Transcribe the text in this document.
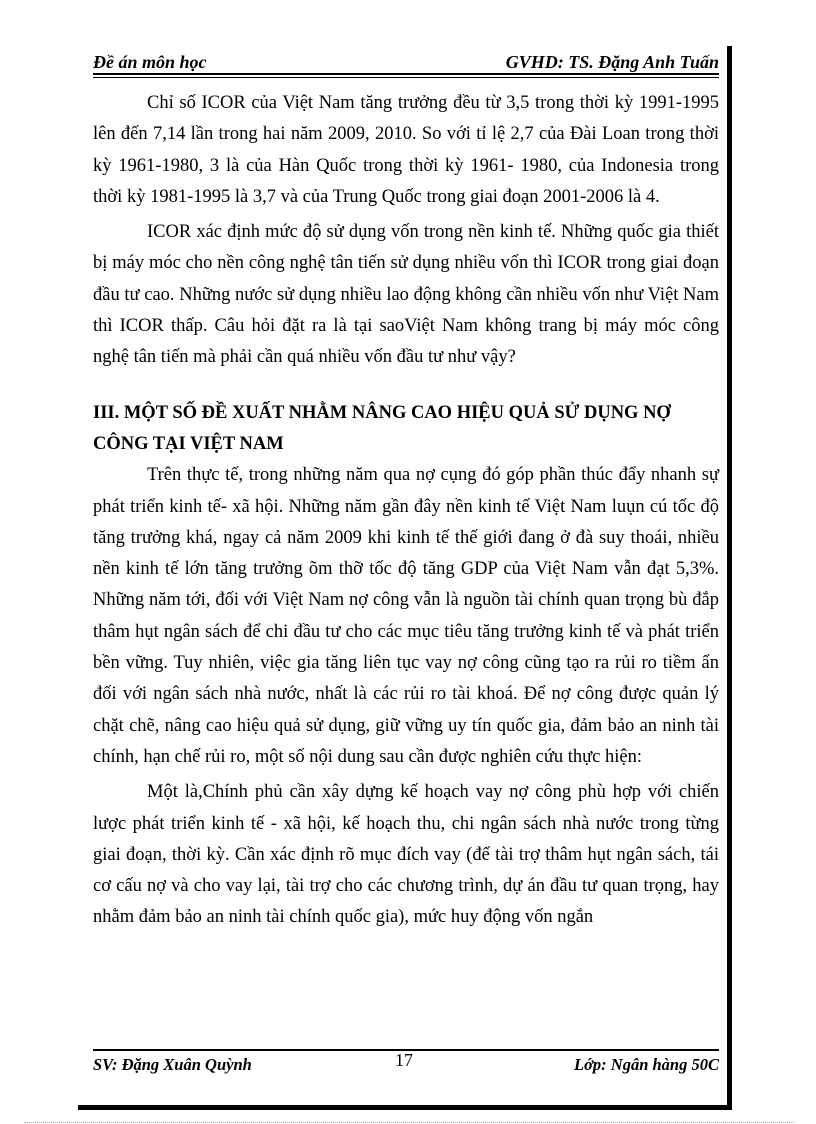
Đề án môn học	GVHD: TS. Đặng Anh Tuấn

Chỉ số ICOR của Việt Nam tăng trưởng đều từ 3,5 trong thời kỳ 1991-1995 lên đến 7,14 lần trong hai năm 2009, 2010. So với tỉ lệ 2,7 của Đài Loan trong thời kỳ 1961-1980, 3 là của Hàn Quốc trong thời kỳ 1961- 1980, của Indonesia trong thời kỳ 1981-1995 là 3,7 và của Trung Quốc trong giai đoạn 2001-2006 là 4.

ICOR xác định mức độ sử dụng vốn trong nền kinh tế. Những quốc gia thiết bị máy móc cho nền công nghệ tân tiến sử dụng nhiều vốn thì ICOR trong giai đoạn đầu tư cao. Những nước sử dụng nhiều lao động không cần nhiều vốn như Việt Nam thì ICOR thấp. Câu hỏi đặt ra là tại saoViệt Nam không trang bị máy móc công nghệ tân tiến mà phải cần quá nhiều vốn đầu tư như vậy?

III. MỘT SỐ ĐỀ XUẤT NHẰM NÂNG CAO HIỆU QUẢ SỬ DỤNG NỢ CÔNG TẠI VIỆT NAM

Trên thực tế, trong những năm qua nợ cụng đó góp phần thúc đẩy nhanh sự phát triển kinh tế- xã hội. Những năm gần đây nền kinh tế Việt Nam luụn cú tốc độ tăng trưởng khá, ngay cả năm 2009 khi kinh tế thế giới đang ở đà suy thoái, nhiều nền kinh tế lớn tăng trưởng õm thỡ tốc độ tăng GDP của Việt Nam vẫn đạt 5,3%. Những năm tới, đối với Việt Nam nợ công vẫn là nguồn tài chính quan trọng bù đắp thâm hụt ngân sách để chi đầu tư cho các mục tiêu tăng trưởng kinh tế và phát triển bền vững. Tuy nhiên, việc gia tăng liên tục vay nợ công cũng tạo ra rủi ro tiềm ẩn đối với ngân sách nhà nước, nhất là các rủi ro tài khoá. Để nợ công được quản lý chặt chẽ, nâng cao hiệu quả sử dụng, giữ vững uy tín quốc gia, đảm bảo an ninh tài chính, hạn chế rủi ro, một số nội dung sau cần được nghiên cứu thực hiện:

Một là,Chính phủ cần xây dựng kế hoạch vay nợ công phù hợp với chiến lược phát triển kinh tế - xã hội, kế hoạch thu, chi ngân sách nhà nước trong từng giai đoạn, thời kỳ. Cần xác định rõ mục đích vay (để tài trợ thâm hụt ngân sách, tái cơ cấu nợ và cho vay lại, tài trợ cho các chương trình, dự án đầu tư quan trọng, hay nhằm đảm bảo an ninh tài chính quốc gia), mức huy động vốn ngắn

SV: Đặng Xuân Quỳnh	17	Lớp: Ngân hàng 50C
